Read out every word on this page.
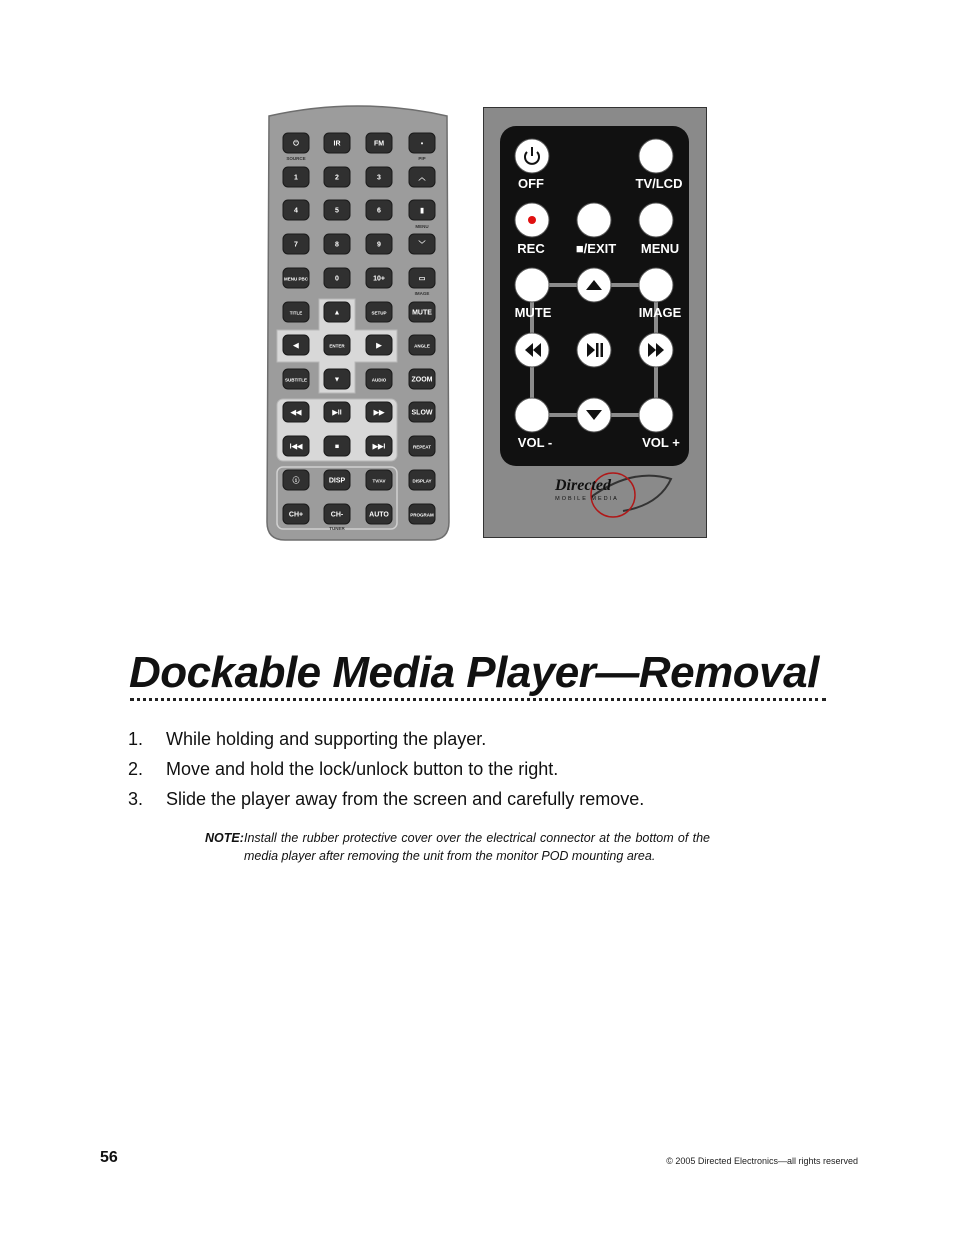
⏻	IR	FM	▪
1	2	3	︿
4	5	6	▮
7	8	9	﹀
MENU PBC	0	10+	▭
TITLE	▲	SETUP	MUTE
◀	ENTER	▶	ANGLE
SUBTITLE	▼	AUDIO	ZOOM
◀◀	▶II	▶▶	SLOW
I◀◀	■	▶▶I	REPEAT
ⓘ	DISP	TV/AV	DISPLAY
CH+	CH-	AUTO	PROGRAM
SOURCE	PIP
MENU
IMAGE
TUNER
OFF	TV/LCD
REC ■/EXIT MENU
MUTE	IMAGE
VOL -	VOL +
Directed
MOBILE MEDIA
Dockable Media Player—Removal
1. While holding and supporting the player.
2. Move and hold the lock/unlock button to the right.
3. Slide the player away from the screen and carefully remove.
NOTE: Install the rubber protective cover over the electrical connector at the bottom of the media player after removing the unit from the monitor POD mounting area.
56	© 2005 Directed Electronics—all rights reserved
